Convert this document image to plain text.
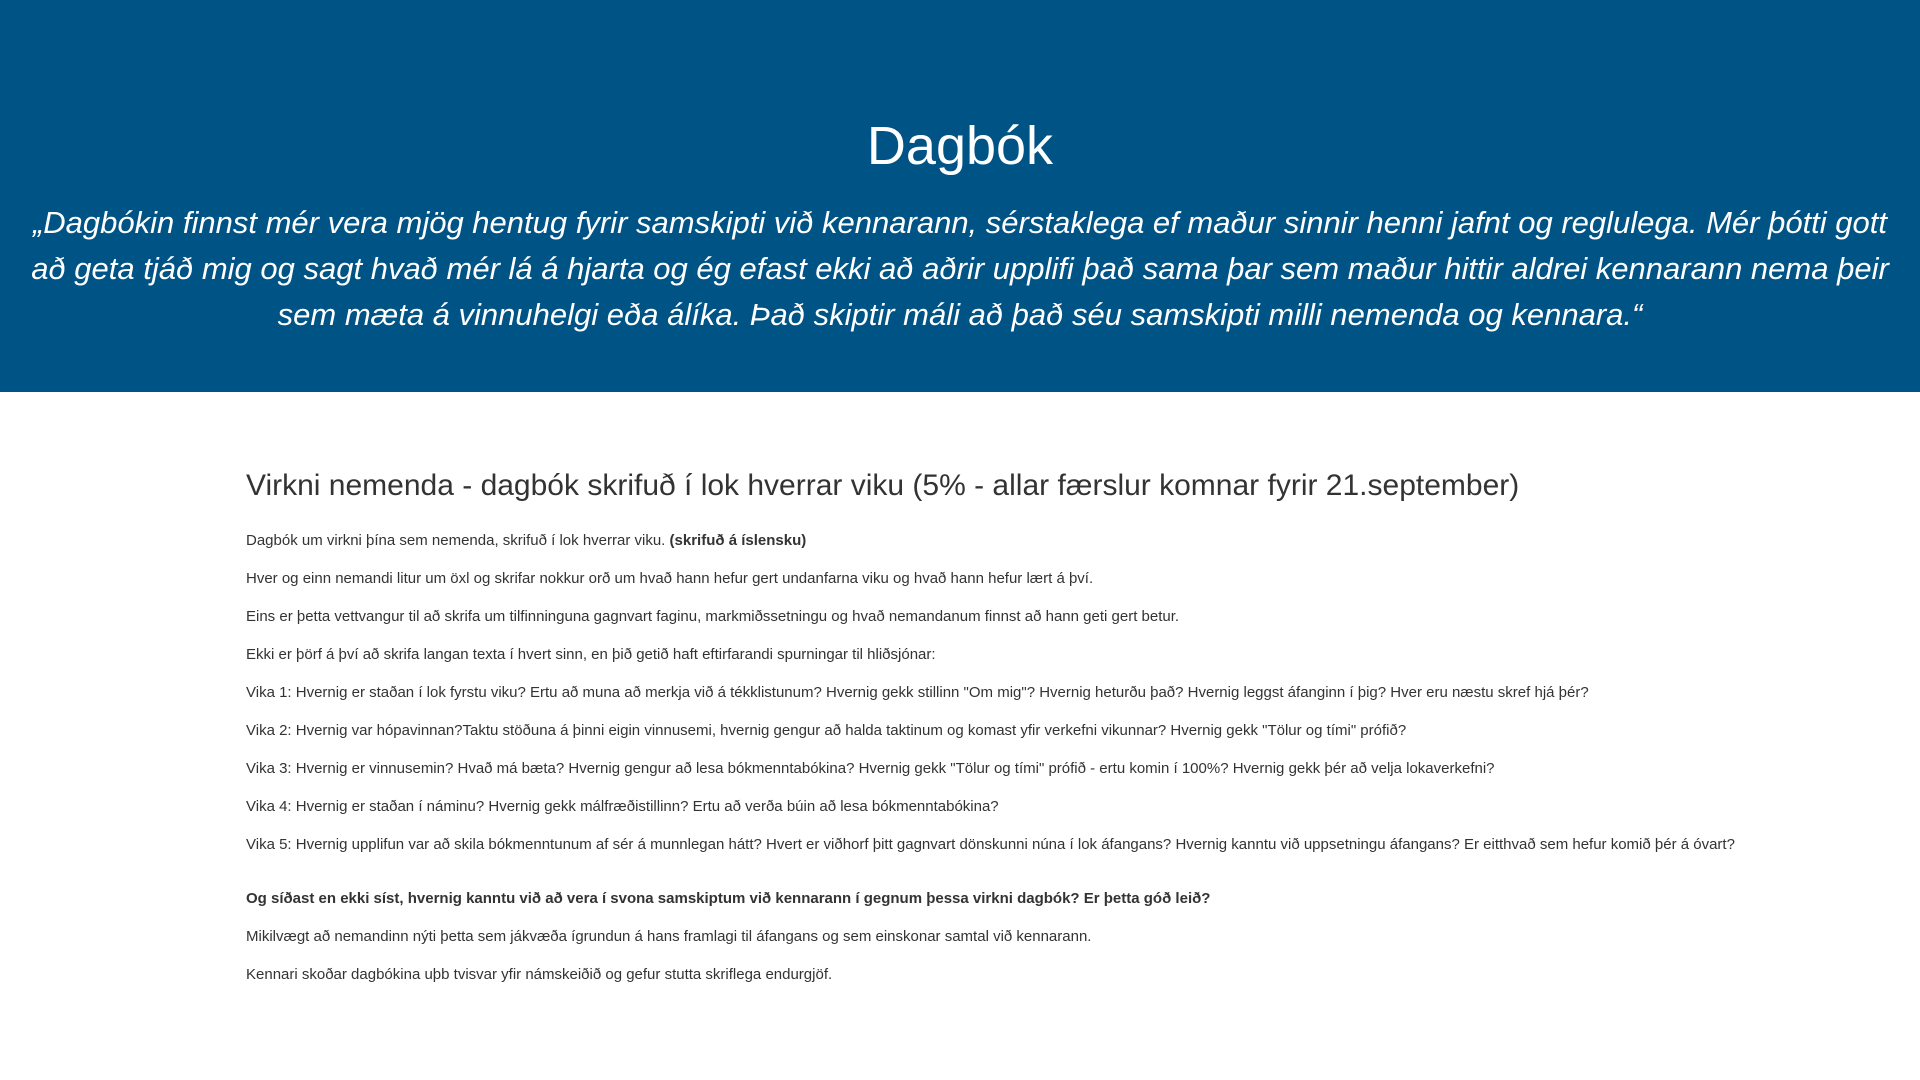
Dagbók

„Dagbókin finnst mér vera mjög hentug fyrir samskipti við kennarann, sérstaklega ef maður sinnir henni jafnt og reglulega. Mér þótti gott að geta tjáð mig og sagt hvað mér lá á hjarta og ég efast ekki að aðrir upplifi það sama þar sem maður hittir aldrei kennarann nema þeir sem mæta á vinnuhelgi eða álíka. Það skiptir máli að það séu samskipti milli nemenda og kennara.“

Virkni nemenda - dagbók skrifuð í lok hverrar viku (5% - allar færslur komnar fyrir 21.september)

Dagbók um virkni þína sem nemenda, skrifuð í lok hverrar viku. (skrifuð á íslensku)

Hver og einn nemandi litur um öxl og skrifar nokkur orð um hvað hann hefur gert undanfarna viku og hvað hann hefur lært á því.

Eins er þetta vettvangur til að skrifa um tilfinninguna gagnvart faginu, markmiðssetningu og hvað nemandanum finnst að hann geti gert betur.

Ekki er þörf á því að skrifa langan texta í hvert sinn, en þið getið haft eftirfarandi spurningar til hliðsjónar:

Vika 1: Hvernig er staðan í lok fyrstu viku? Ertu að muna að merkja við á tékklistunum? Hvernig gekk stillinn "Om mig"? Hvernig heturðu það? Hvernig leggst áfanginn í þig? Hver eru næstu skref hjá þér?

Vika 2: Hvernig var hópavinnan?Taktu stöðuna á þinni eigin vinnusemi, hvernig gengur að halda taktinum og komast yfir verkefni vikunnar? Hvernig gekk "Tölur og tími" prófið?

Vika 3: Hvernig er vinnusemin? Hvað má bæta? Hvernig gengur að lesa bókmenntabókina? Hvernig gekk "Tölur og tími" prófið - ertu komin í 100%? Hvernig gekk þér að velja lokaverkefni?

Vika 4: Hvernig er staðan í náminu? Hvernig gekk málfræðistillinn? Ertu að verða búin að lesa bókmenntabókina?

Vika 5: Hvernig upplifun var að skila bókmenntunum af sér á munnlegan hátt? Hvert er viðhorf þitt gagnvart dönskunni núna í lok áfangans? Hvernig kanntu við uppsetningu áfangans? Er eitthvað sem hefur komið þér á óvart?

Og síðast en ekki síst, hvernig kanntu við að vera í svona samskiptum við kennarann í gegnum þessa virkni dagbók? Er þetta góð leið?

Mikilvægt að nemandinn nýti þetta sem jákvæða ígrundun á hans framlagi til áfangans og sem einskonar samtal við kennarann.

Kennari skoðar dagbókina uþb tvisvar yfir námskeiðið og gefur stutta skriflega endurgjöf.
